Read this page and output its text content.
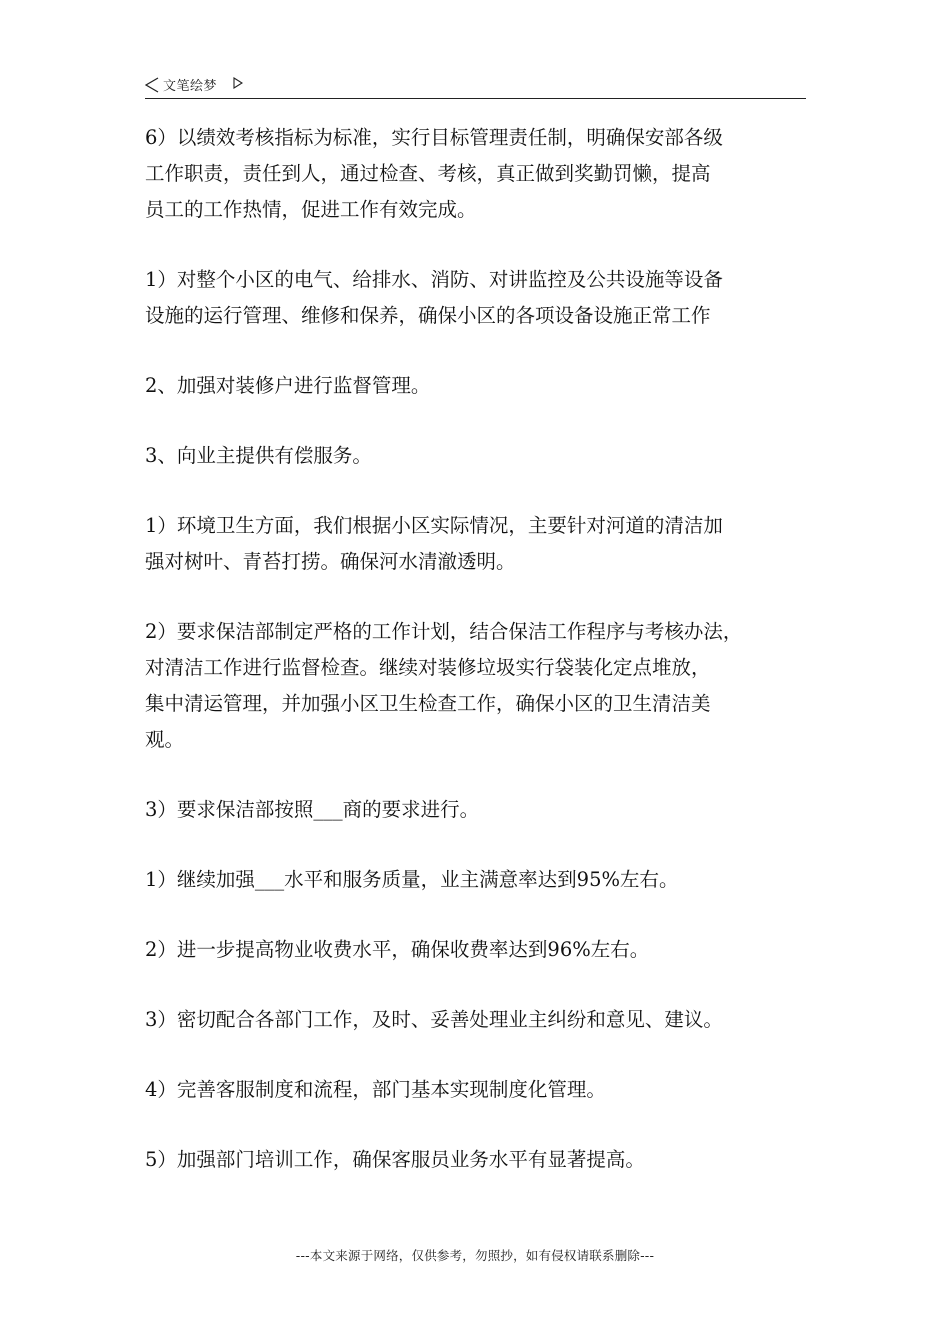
文笔绘梦

6）以绩效考核指标为标准，实行目标管理责任制，明确保安部各级
工作职责，责任到人，通过检查、考核，真正做到奖勤罚懒，提高
员工的工作热情，促进工作有效完成。

1）对整个小区的电气、给排水、消防、对讲监控及公共设施等设备
设施的运行管理、维修和保养，确保小区的各项设备设施正常工作

2、加强对装修户进行监督管理。

3、向业主提供有偿服务。

1）环境卫生方面，我们根据小区实际情况，主要针对河道的清洁加
强对树叶、青苔打捞。确保河水清澈透明。

2）要求保洁部制定严格的工作计划，结合保洁工作程序与考核办法，
对清洁工作进行监督检查。继续对装修垃圾实行袋装化定点堆放，
集中清运管理，并加强小区卫生检查工作，确保小区的卫生清洁美
观。

3）要求保洁部按照___商的要求进行。

1）继续加强___水平和服务质量，业主满意率达到95%左右。

2）进一步提高物业收费水平，确保收费率达到96%左右。

3）密切配合各部门工作，及时、妥善处理业主纠纷和意见、建议。

4）完善客服制度和流程，部门基本实现制度化管理。

5）加强部门培训工作，确保客服员业务水平有显著提高。

---本文来源于网络，仅供参考，勿照抄，如有侵权请联系删除---
